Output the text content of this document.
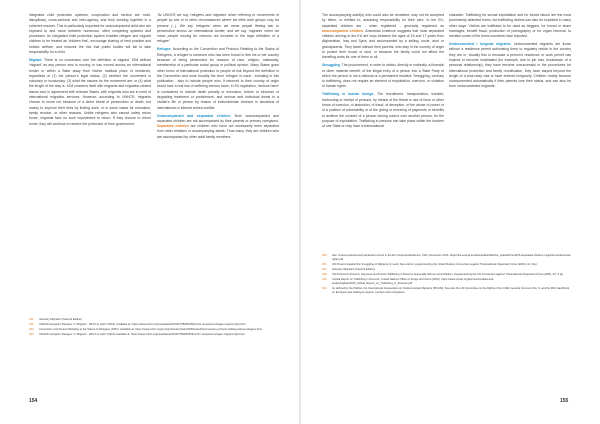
integrated child protection systems, cooperation and service are multi-disciplinary, cross-sectoral and inter-agency, and they working together in a coherent manner. This is particularly important for unaccompanied child who are exposed to and move between numerous, often competing systems and processes. An integrated child protection system enables refugee and migrant children to be treated as 'children first', encourage sharing of best practice and holistic welfare, and reduces the risk that public bodies will fail to take responsibility for a child.

Migrant. There is no consensus over the definition of migrant. IOM defines 'migrant' as any person who is moving or has moved across an international border or within a State away from his/her habitual place of residence, regardless of (1) the person's legal status; (2) whether the movement is voluntary or involuntary; (3) what the causes for the movement are; or (4) what the length of the stay is. IOM concerns itself with migrants and migration-related issues and, in agreement with relevant States, with migrants who are in need of international migration services. However, according to UNHCR, migrants choose to move not because of a direct threat of persecution or death, but mainly to improve their lives by finding work, or in some cases for education, family reunion, or other reasons. Unlike refugees who cannot safely return home, migrants face no such impediment to return. If they choose to return home, they will continue to receive the protection of their government.

"At UNHCR we say 'refugees and migrants' when referring to movements of people by sea or in other circumstances where we think both groups may be present (...). We say 'refugees' when we mean people fleeing war or persecution across an international border, and we say 'migrants' when we mean people moving for reasons not included in the legal definition of a refugee".

Refugee. According to the Convention and Protocol Relating to the Status of Refugees, a refugee is someone who has been forced to flee his or her country because of being persecuted for reasons of race, religion, nationality, membership of a particular social group or political opinion. Many States grant other forms of international protection to people at risk beyond the definition in the Convention and more broadly the term 'refugee' is used - including in this publication - also to include people who, if returned to their country of origin would face a real risk of suffering serious harm. In EU legislation, 'serious harm' is considered to include death penalty or execution, torture or inhuman or degrading treatment or punishment, and serious and individual threat to a civilian's life or person by reason of indiscriminate violence in situations of international or internal armed conflict.

Unaccompanied and separated children. Both unaccompanied and separated children are not accompanied by their parents or primary caregivers. Separated children are children who have not necessarily been separated from other relatives or accompanying adults. Thus many, they are children who are accompanied by other adult family members.

181.	Glossary Migration (Second Edition)
182.	UNHCR viewpoint 'Refugee' or 'Migrant' - Which is right? (2016). Available at: https://www.unhcr.org/news/latest/2016/7/55df0e556/unhcr-viewpoint-refugee-migrant-right.html
183.	Convention and Protocol Relating to the Status of Refugees (1951). Available at: https://www.unhcr.org/en-lk/protection/basic/3b66c2aa10/convention-protocol-relating-status-refugees.html
184.	UNHCR viewpoint 'Refugee' or 'Migrant' - Which is right? (2016) Available at: https://www.unhcr.org/news/latest/2016/7/55df0e556/unhcr-viewpoint-refugee-migrant-right.html
154

The accompanying adult(s) who could also be unrelated, may not be accepted by either, or entitled to, assuming responsibility for their care. In the EU, separated children are - when registered - generally registered as unaccompanied children. Anecdotal evidence suggests that most separated children arriving in the EU are boys between the ages of 15 and 17 years from Afghanistan, Iraq and Syria, and accompanied by a sibling, uncle, aunt or grandparents. They travel without their parents, who stay in the country of origin to protect their house or land, or because the family could not afford the travelling costs for one of them or all.

Smuggling. The procurement, in order to obtain, directly or indirectly, a financial or other material benefit, of the illegal entry of a person into a State Party of which the person is not a national or a permanent resident. Smuggling, contrary to trafficking, does not require an element of exploitation, coercion, or violation of human rights.

Trafficking in human beings. The recruitment, transportation, transfer, harbouring or receipt of persons, by means of the threat or use of force or other forms of coercion, of abduction, of fraud, of deception, of the abuse of power or of a position of vulnerability or of the giving or receiving of payments or benefits to achieve the consent of a person having control over another person, for the purpose of exploitation. Trafficking in persons can take place within the borders of one State or may have a transnational

character. Trafficking for sexual exploitation and for forced labour are the most prominently detected forms, but trafficking victims can also be exploited in many other ways. Victims are trafficked to be used as beggars, for forced or sham marriages, benefit fraud, production of pornography or for organ removal, to mention some of the forms countries have reported.

Undocumented / irregular migrants. Undocumented migrants are those without a residence permit authorising them to regularly reside in the country they are in. Usually this is because a person's residence or work permit has expired or become invalidated (for example, due to job loss, breakdown of a personal relationship), they have become unsuccessful in the procedures for international protection and family reunification, they have stayed beyond the length of a short-stay visa or have entered irregularly. Children mostly become undocumented automatically if their parents lose their status, and can also be born 'undocumented migrants'.

185.	See 'Unaccompanied and separated minors in the EU: Reported Evidence', FRA, December 2016. https://fra.europa.eu/sites/default/files/fra_uploads/fra-2016-separated-children-migrants-fundamental-rights.pdf
186.	UN Protocol Against the Smuggling of Migrants by Land, Sea and Air, supplementing the United Nations Convention against Transnational Organized Crime (2000), Art. 3(a).
187.	Glossary Migration (Second Edition)
188.	UN Protocol to Prevent, Suppress and Punish Trafficking in Persons, Especially Women and Children, Supplementing the UN Convention against Transnational Organized Crime (2000), Art. 3 (a).
189.	'Global Report on Trafficking in Persons', United Nations Office on Drugs and Crime (2016). https://www.unodc.org/documents/data-and-analysis/glotip/2016_Global_Report_on_Trafficking_in_Persons.pdf
190.	As defined by the Platform for International Cooperation on Undocumented Migrants (PICUM). See also the UN Committee on the Rights of the Child, General Comment No. 6, and the FRA Handbook on European law relating to asylum, borders and immigration.
155
